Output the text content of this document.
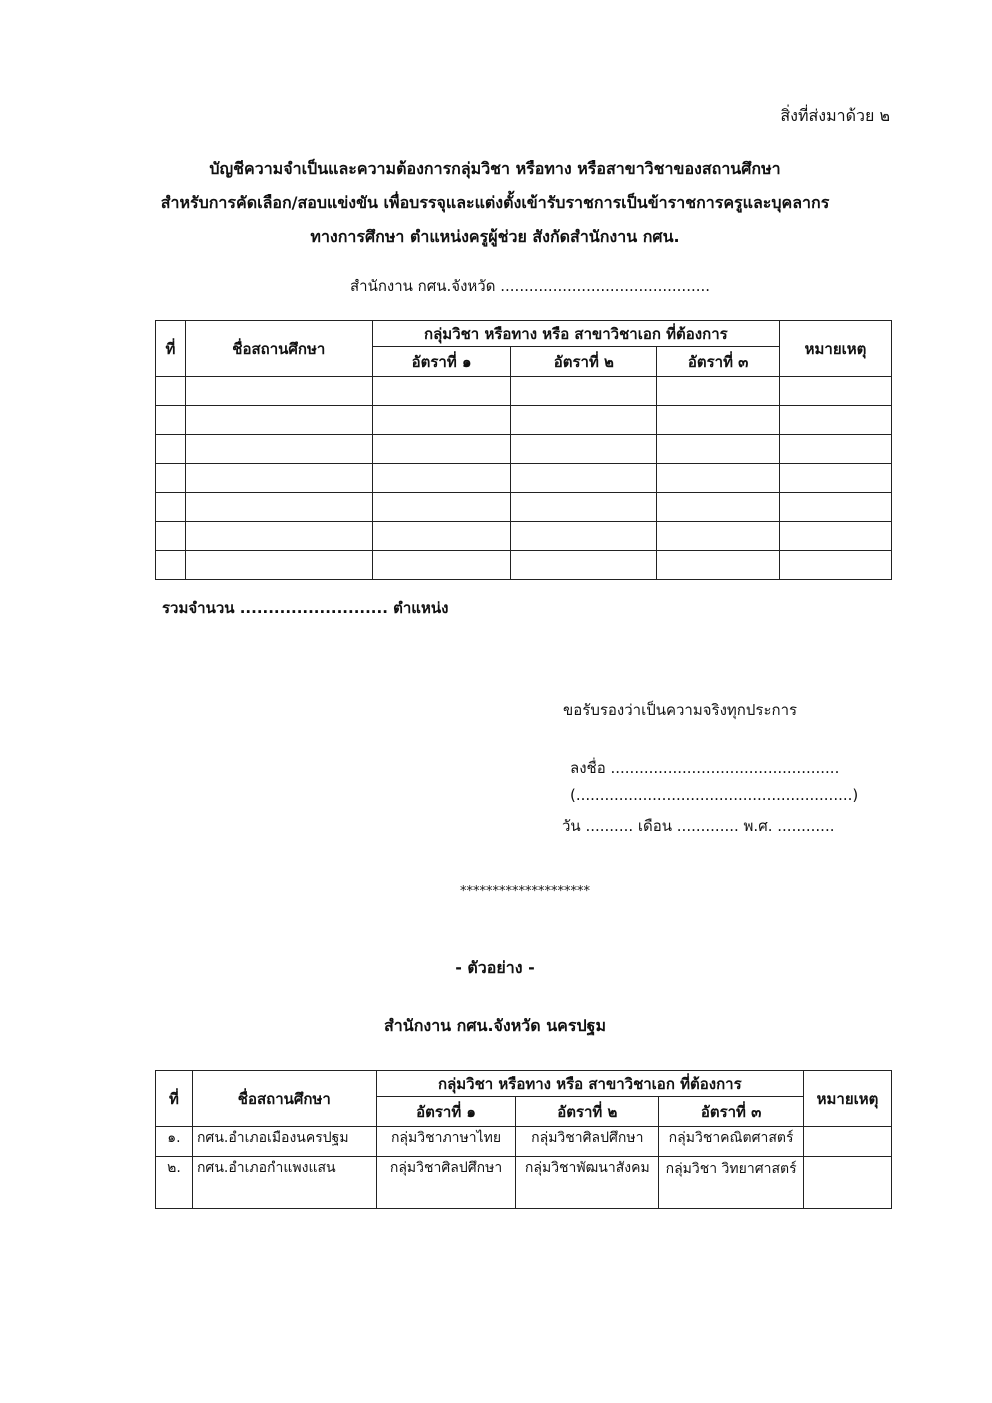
สิ่งที่ส่งมาด้วย ๒
บัญชีความจำเป็นและความต้องการกลุ่มวิชา หรือทาง หรือสาขาวิชาของสถานศึกษา
สำหรับการคัดเลือก/สอบแข่งขัน เพื่อบรรจุและแต่งตั้งเข้ารับราชการเป็นข้าราชการครูและบุคลากร
ทางการศึกษา ตำแหน่งครูผู้ช่วย สังกัดสำนักงาน กศน.
สำนักงาน กศน.จังหวัด ............................................
ที่	ชื่อสถานศึกษา	กลุ่มวิชา หรือทาง หรือ สาขาวิชาเอก ที่ต้องการ			หมายเหตุ
		อัตราที่ ๑	อัตราที่ ๒	อัตราที่ ๓	

รวมจำนวน .......................... ตำแหน่ง
ขอรับรองว่าเป็นความจริงทุกประการ
ลงชื่อ ................................................
(..........................................................)
วัน .......... เดือน ............. พ.ศ. ............
********************
- ตัวอย่าง -
สำนักงาน กศน.จังหวัด นครปฐม
ที่	ชื่อสถานศึกษา	กลุ่มวิชา หรือทาง หรือ สาขาวิชาเอก ที่ต้องการ			หมายเหตุ
		อัตราที่ ๑	อัตราที่ ๒	อัตราที่ ๓	
๑.	กศน.อำเภอเมืองนครปฐม	กลุ่มวิชาภาษาไทย	กลุ่มวิชาศิลปศึกษา	กลุ่มวิชาคณิตศาสตร์	
๒.	กศน.อำเภอกำแพงแสน	กลุ่มวิชาศิลปศึกษา	กลุ่มวิชาพัฒนาสังคม	กลุ่มวิชา วิทยาศาสตร์	
